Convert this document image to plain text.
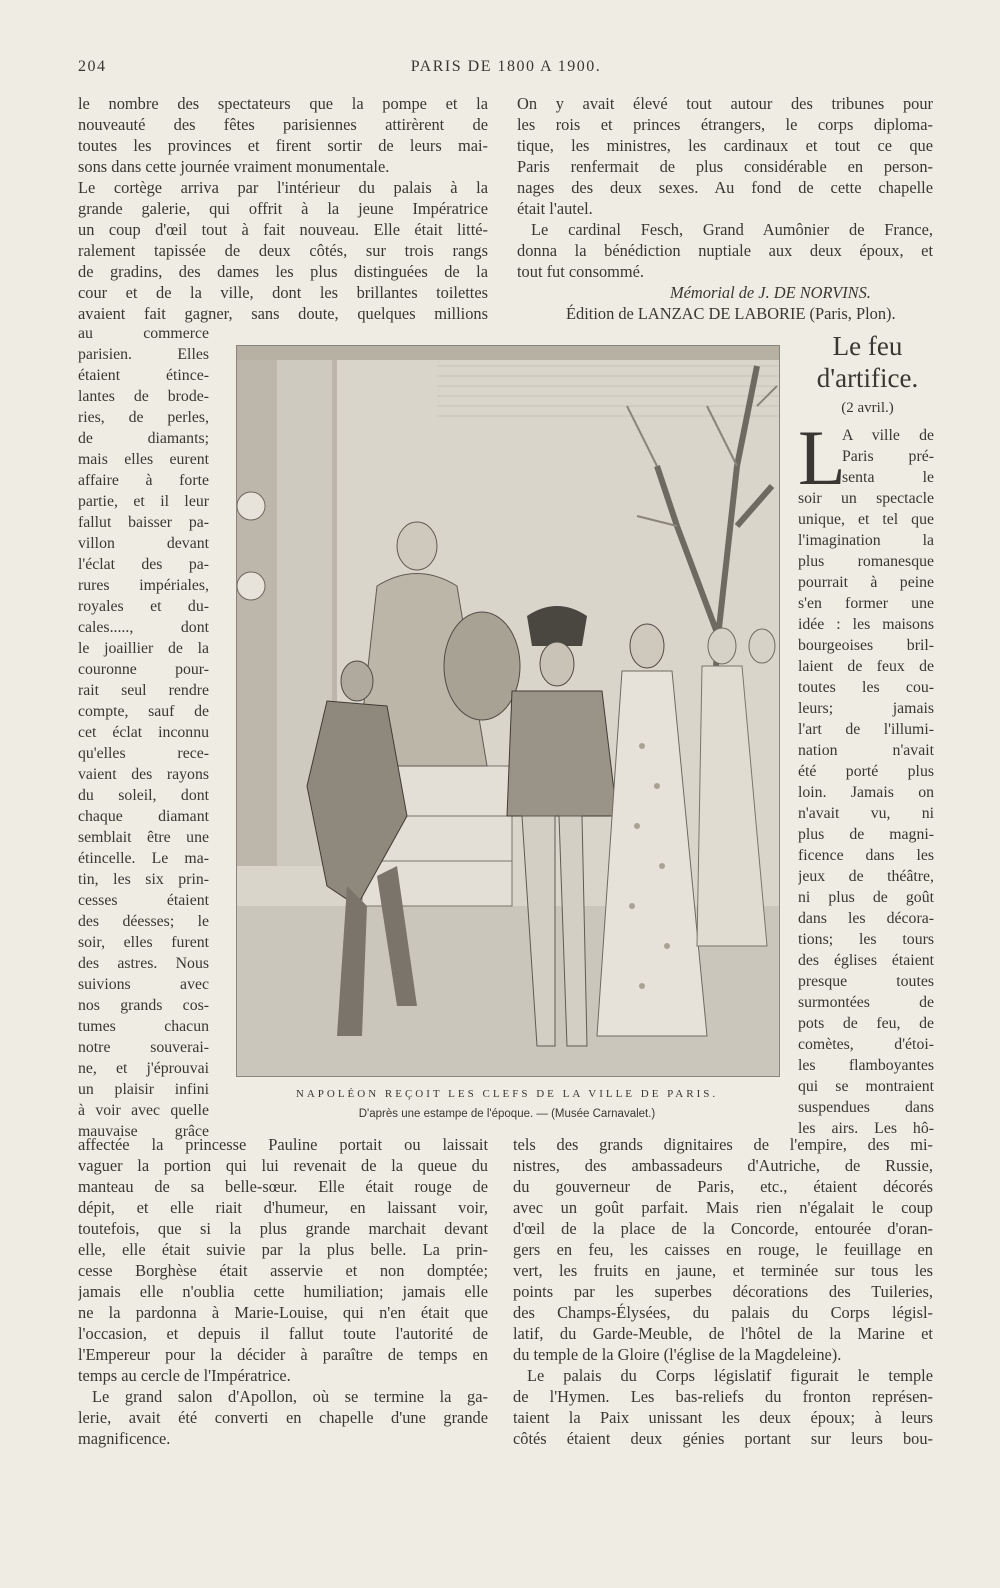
204	PARIS DE 1800 A 1900.
le nombre des spectateurs que la pompe et la
nouveauté des fêtes parisiennes attirèrent de
toutes les provinces et firent sortir de leurs mai-
sons dans cette journée vraiment monumentale.
Le cortège arriva par l'intérieur du palais à la
grande galerie, qui offrit à la jeune Impératrice
un coup d'œil tout à fait nouveau. Elle était litté-
ralement tapissée de deux côtés, sur trois rangs
de gradins, des dames les plus distinguées de la
cour et de la ville, dont les brillantes toilettes
avaient fait gagner, sans doute, quelques millions
au commerce
parisien. Elles
étaient étince-
lantes de brode-
ries, de perles,
de diamants;
mais elles eurent
affaire à forte
partie, et il leur
fallut baisser pa-
villon devant
l'éclat des pa-
rures impériales,
royales et du-
cales....., dont
le joaillier de la
couronne pour-
rait seul rendre
compte, sauf de
cet éclat inconnu
qu'elles rece-
vaient des rayons
du soleil, dont
chaque diamant
semblait être une
étincelle. Le ma-
tin, les six prin-
cesses étaient
des déesses; le
soir, elles furent
des astres. Nous
suivions avec
nos grands cos-
tumes chacun
notre souverai-
ne, et j'éprouvai
un plaisir infini
à voir avec quelle
mauvaise grâce
affectée la princesse Pauline portait ou laissait
vaguer la portion qui lui revenait de la queue du
manteau de sa belle-sœur. Elle était rouge de
dépit, et elle riait d'humeur, en laissant voir,
toutefois, que si la plus grande marchait devant
elle, elle était suivie par la plus belle. La prin-
cesse Borghèse était asservie et non domptée;
jamais elle n'oublia cette humiliation; jamais elle
ne la pardonna à Marie-Louise, qui n'en était que
l'occasion, et depuis il fallut toute l'autorité de
l'Empereur pour la décider à paraître de temps en
temps au cercle de l'Impératrice.
Le grand salon d'Apollon, où se termine la ga-
lerie, avait été converti en chapelle d'une grande
magnificence.
On y avait élevé tout autour des tribunes pour
les rois et princes étrangers, le corps diploma-
tique, les ministres, les cardinaux et tout ce que
Paris renfermait de plus considérable en person-
nages des deux sexes. Au fond de cette chapelle
était l'autel.
Le cardinal Fesch, Grand Aumônier de France,
donna la bénédiction nuptiale aux deux époux, et
tout fut consommé.
Mémorial de J. DE NORVINS.
Édition de LANZAC DE LABORIE (Paris, Plon).
Le feu
d'artifice.
(2 avril.)
L
A ville de
Paris pré-
senta le
soir un spectacle
unique, et tel que
l'imagination la
plus romanesque
pourrait à peine
s'en former une
idée : les maisons
bourgeoises bril-
laient de feux de
toutes les cou-
leurs; jamais
l'art de l'illumi-
nation n'avait
été porté plus
loin. Jamais on
n'avait vu, ni
plus de magni-
ficence dans les
jeux de théâtre,
ni plus de goût
dans les décora-
tions; les tours
des églises étaient
presque toutes
surmontées de
pots de feu, de
comètes, d'étoi-
les flamboyantes
qui se montraient
suspendues dans
les airs. Les hô-
tels des grands dignitaires de l'empire, des mi-
nistres, des ambassadeurs d'Autriche, de Russie,
du gouverneur de Paris, etc., étaient décorés
avec un goût parfait. Mais rien n'égalait le coup
d'œil de la place de la Concorde, entourée d'oran-
gers en feu, les caisses en rouge, le feuillage en
vert, les fruits en jaune, et terminée sur tous les
points par les superbes décorations des Tuileries,
des Champs-Élysées, du palais du Corps législ-
latif, du Garde-Meuble, de l'hôtel de la Marine et
du temple de la Gloire (l'église de la Magdeleine).
Le palais du Corps législatif figurait le temple
de l'Hymen. Les bas-reliefs du fronton représen-
taient la Paix unissant les deux époux; à leurs
côtés étaient deux génies portant sur leurs bou-
NAPOLÉON REÇOIT LES CLEFS DE LA VILLE DE PARIS.
D'après une estampe de l'époque. — (Musée Carnavalet.)
